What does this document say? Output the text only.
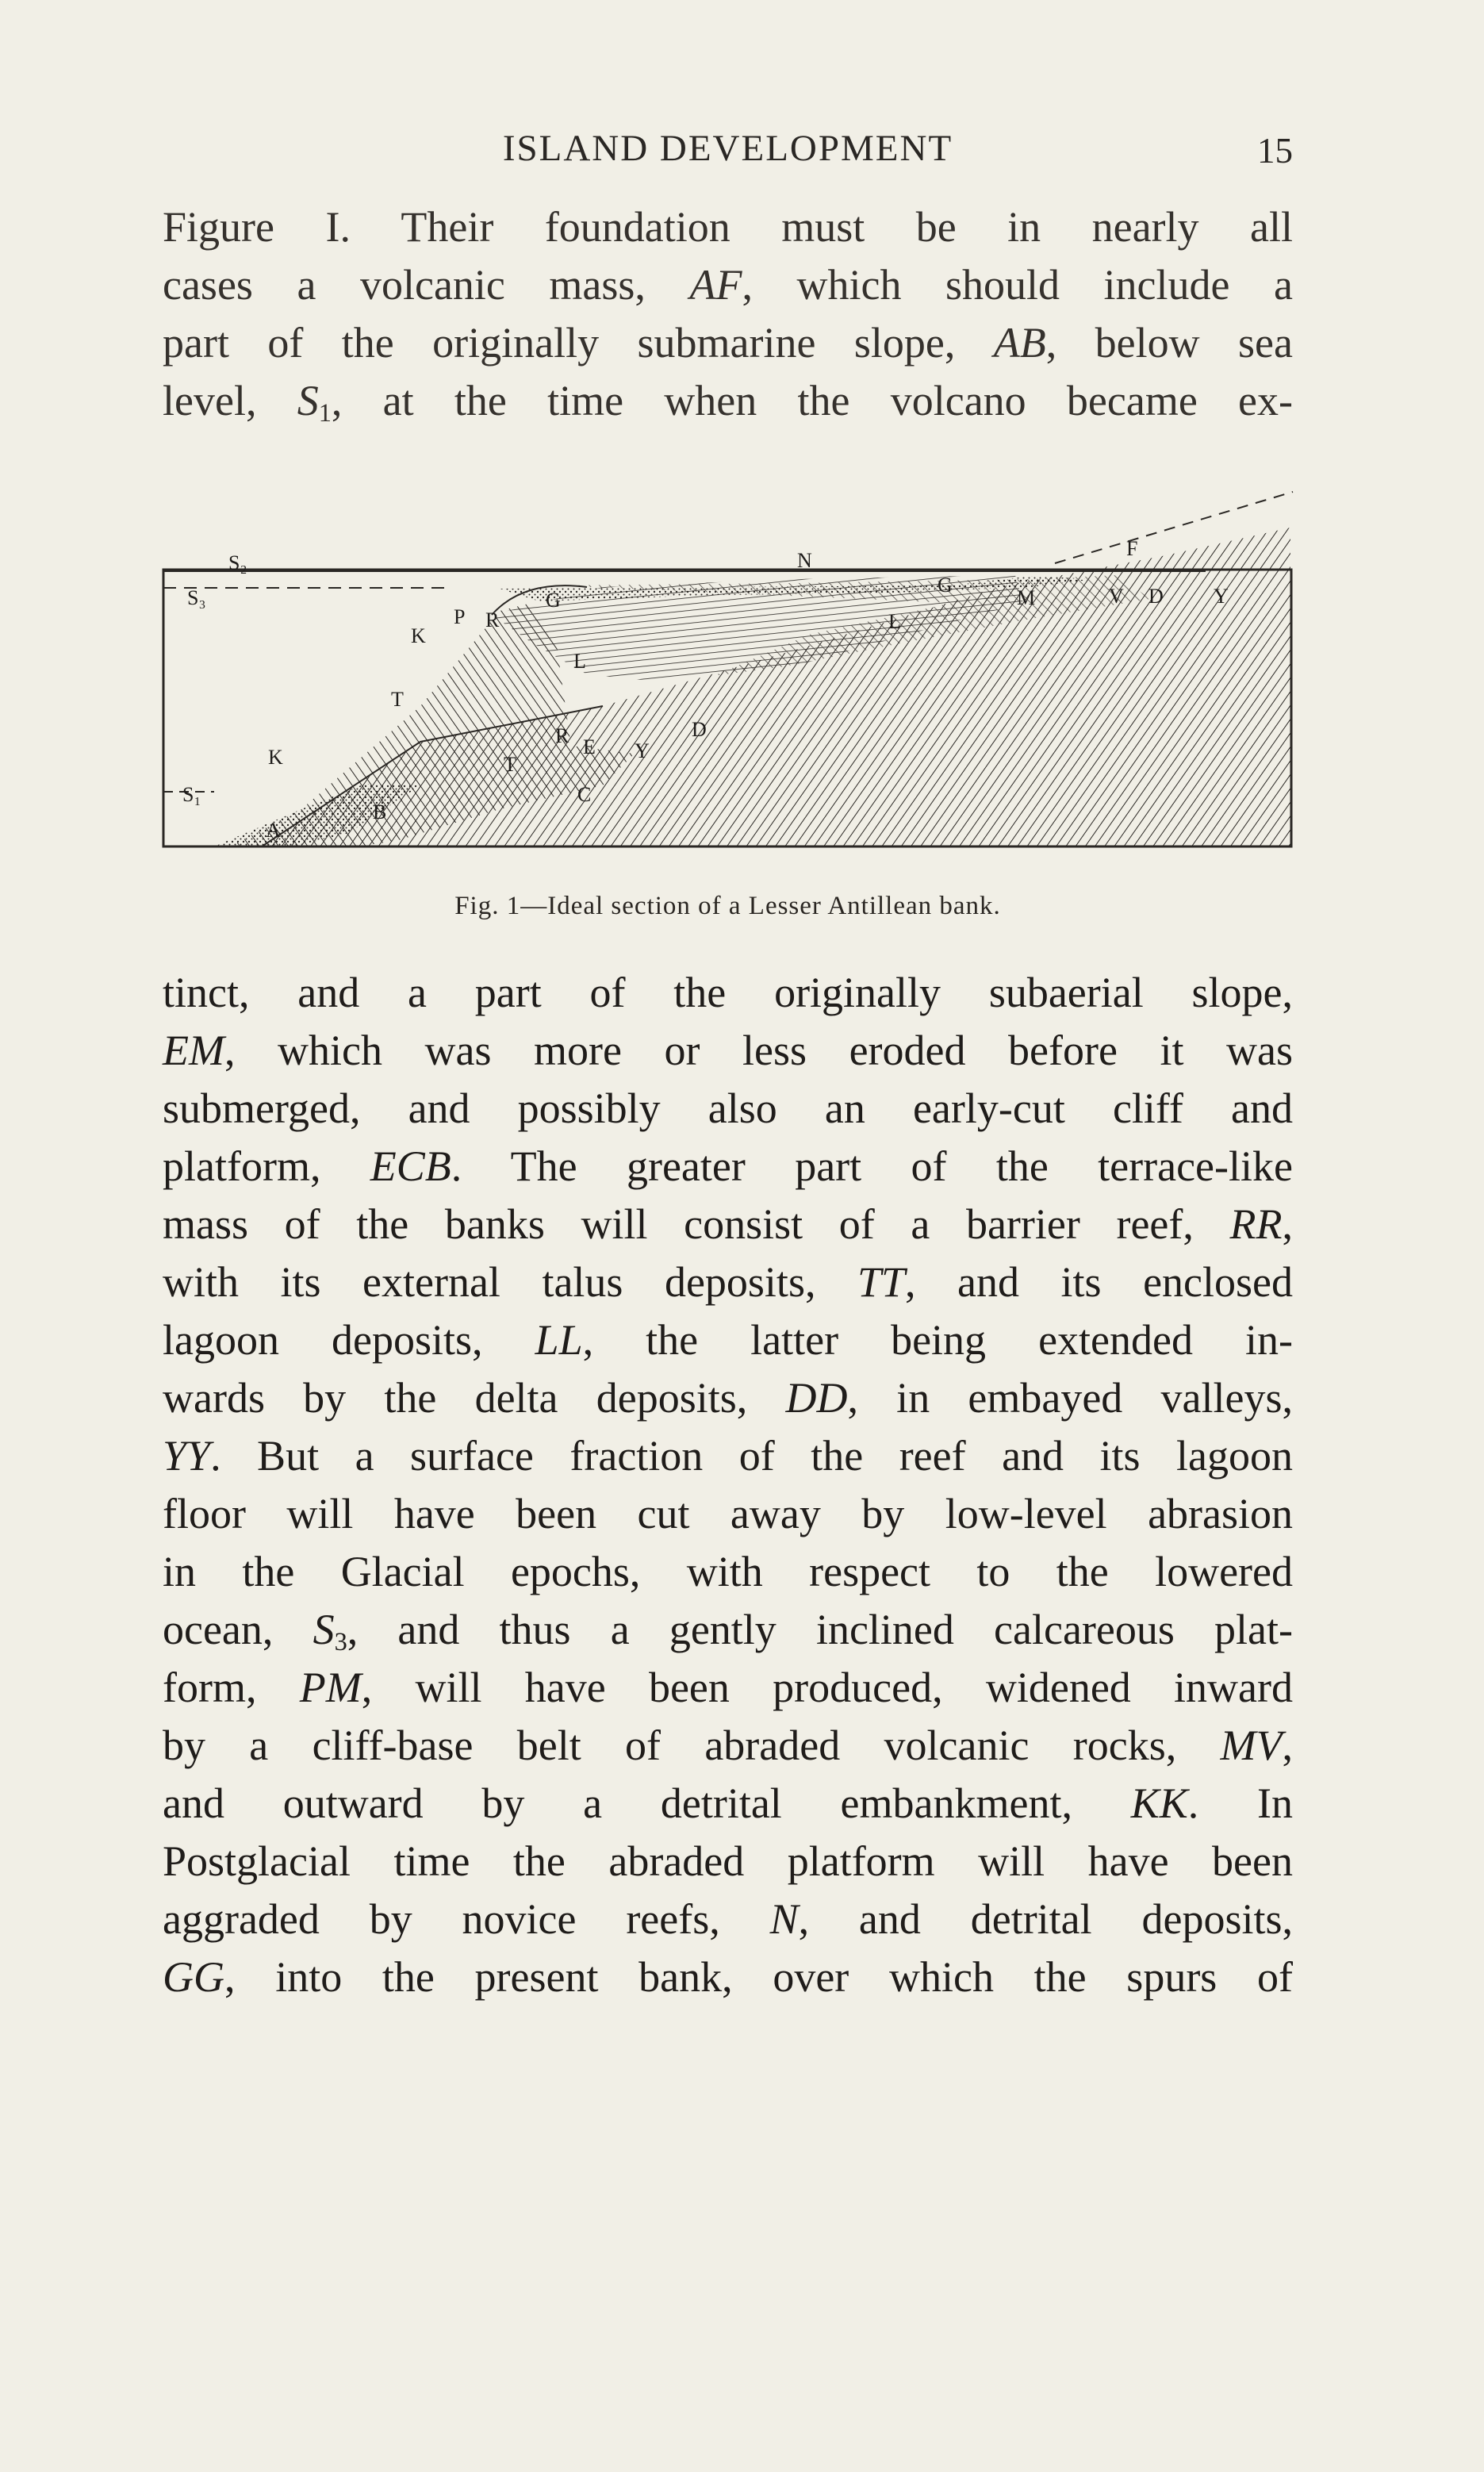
ISLAND DEVELOPMENT	15

Figure I. Their foundation must be in nearly all

cases a volcanic mass, AF, which should include a

part of the originally submarine slope, AB, below sea

level, $S_1$, at the time when the volcano became ex-

S₂
S₃
S₁
N
G
G
F
M	V D Y
K
P R	L
L
T
R E Y
D
T
C
K
A
B
Fig. 1—Ideal section of a Lesser Antillean bank.

tinct, and a part of the originally subaerial slope,

EM, which was more or less eroded before it was

submerged, and possibly also an early-cut cliff and

platform, ECB. The greater part of the terrace-like

mass of the banks will consist of a barrier reef, RR,

with its external talus deposits, TT, and its enclosed

lagoon deposits, LL, the latter being extended in-

wards by the delta deposits, DD, in embayed valleys,

YY. But a surface fraction of the reef and its lagoon

floor will have been cut away by low-level abrasion

in the Glacial epochs, with respect to the lowered

ocean, $S_3$, and thus a gently inclined calcareous plat-

form, PM, will have been produced, widened inward

by a cliff-base belt of abraded volcanic rocks, MV,

and outward by a detrital embankment, KK. In

Postglacial time the abraded platform will have been

aggraded by novice reefs, N, and detrital deposits,

GG, into the present bank, over which the spurs of
